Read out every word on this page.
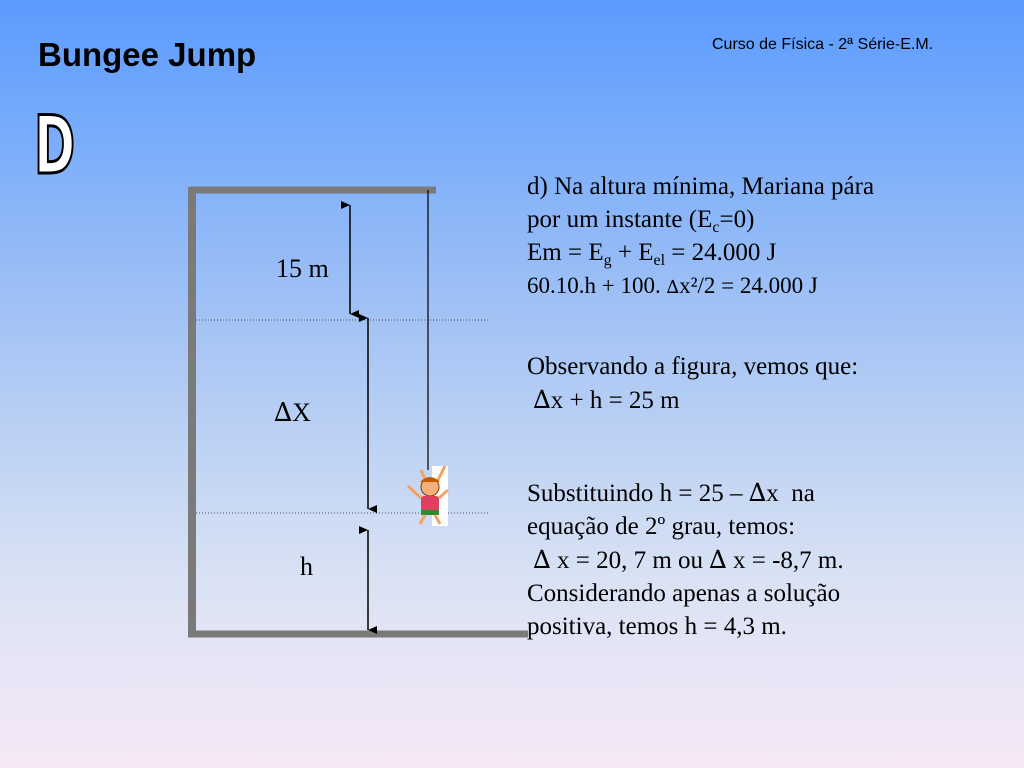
Bungee Jump	Curso de Física - 2ª Série-E.M.
D
15 m
∆X
h
d) Na altura mínima, Mariana pára
por um instante $(E_c=0)$
$Em = E_g + E_{el} = 24.000$ J
60.10.h + 100. ∆x²/2 = 24.000 J
Observando a figura, vemos que:
∆x + h = 25 m
Substituindo h = 25 – ∆x  na
equação de 2º grau, temos:
∆ x = 20, 7 m ou ∆ x = -8,7 m.
Considerando apenas a solução
positiva, temos h = 4,3 m.
